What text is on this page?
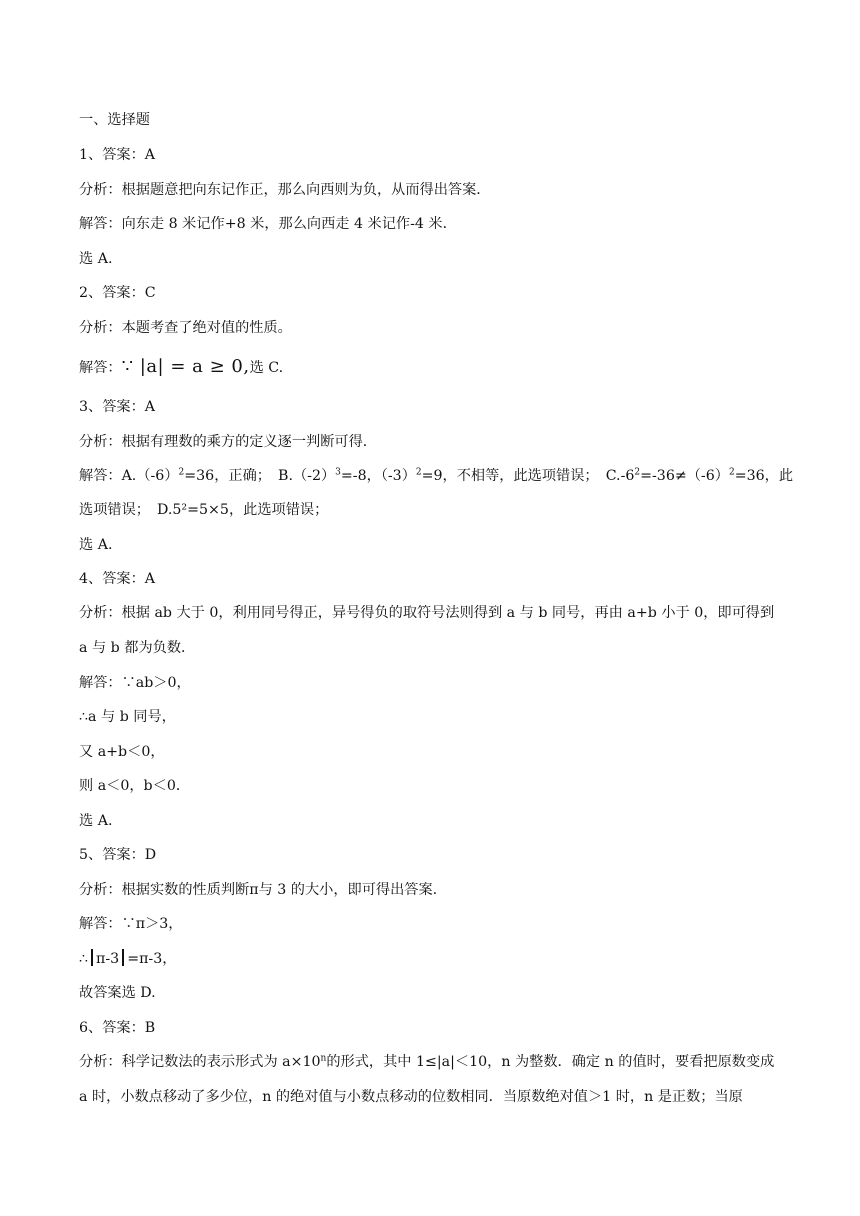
一、选择题
1、答案：A
分析：根据题意把向东记作正，那么向西则为负，从而得出答案．
解答：向东走 8 米记作+8 米，那么向西走 4 米记作-4 米．
选 A.
2、答案：C
分析：本题考查了绝对值的性质。
解答：∵ |a| = a ≥ 0,选 C.
3、答案：A
分析：根据有理数的乘方的定义逐一判断可得．
解答：$A.(-6)^2=36$，正确；　$B.(-2)^3=-8$，$(-3)^2=9$，不相等，此选项错误；　$C.-6^2=-36\ne(-6)^2=36$，此
选项错误；　D.5²=5×5，此选项错误；
选 A.
4、答案：A
分析：根据 ab 大于 0，利用同号得正，异号得负的取符号法则得到 a 与 b 同号，再由 a+b 小于 0，即可得到
a 与 b 都为负数．
解答：∵ab＞0，
∴a 与 b 同号，
又 a+b＜0，
则 a＜0，b＜0．
选 A.
5、答案：D
分析：根据实数的性质判断π与 3 的大小，即可得出答案.
解答：∵π＞3，
∴ π-3 =π-3，
故答案选 D.
6、答案：B
分析：科学记数法的表示形式为 $a\times 10^n$的形式，其中 1≤|a|＜10，n 为整数．确定 n 的值时，要看把原数变成
a 时，小数点移动了多少位，n 的绝对值与小数点移动的位数相同．当原数绝对值＞1 时，n 是正数；当原
